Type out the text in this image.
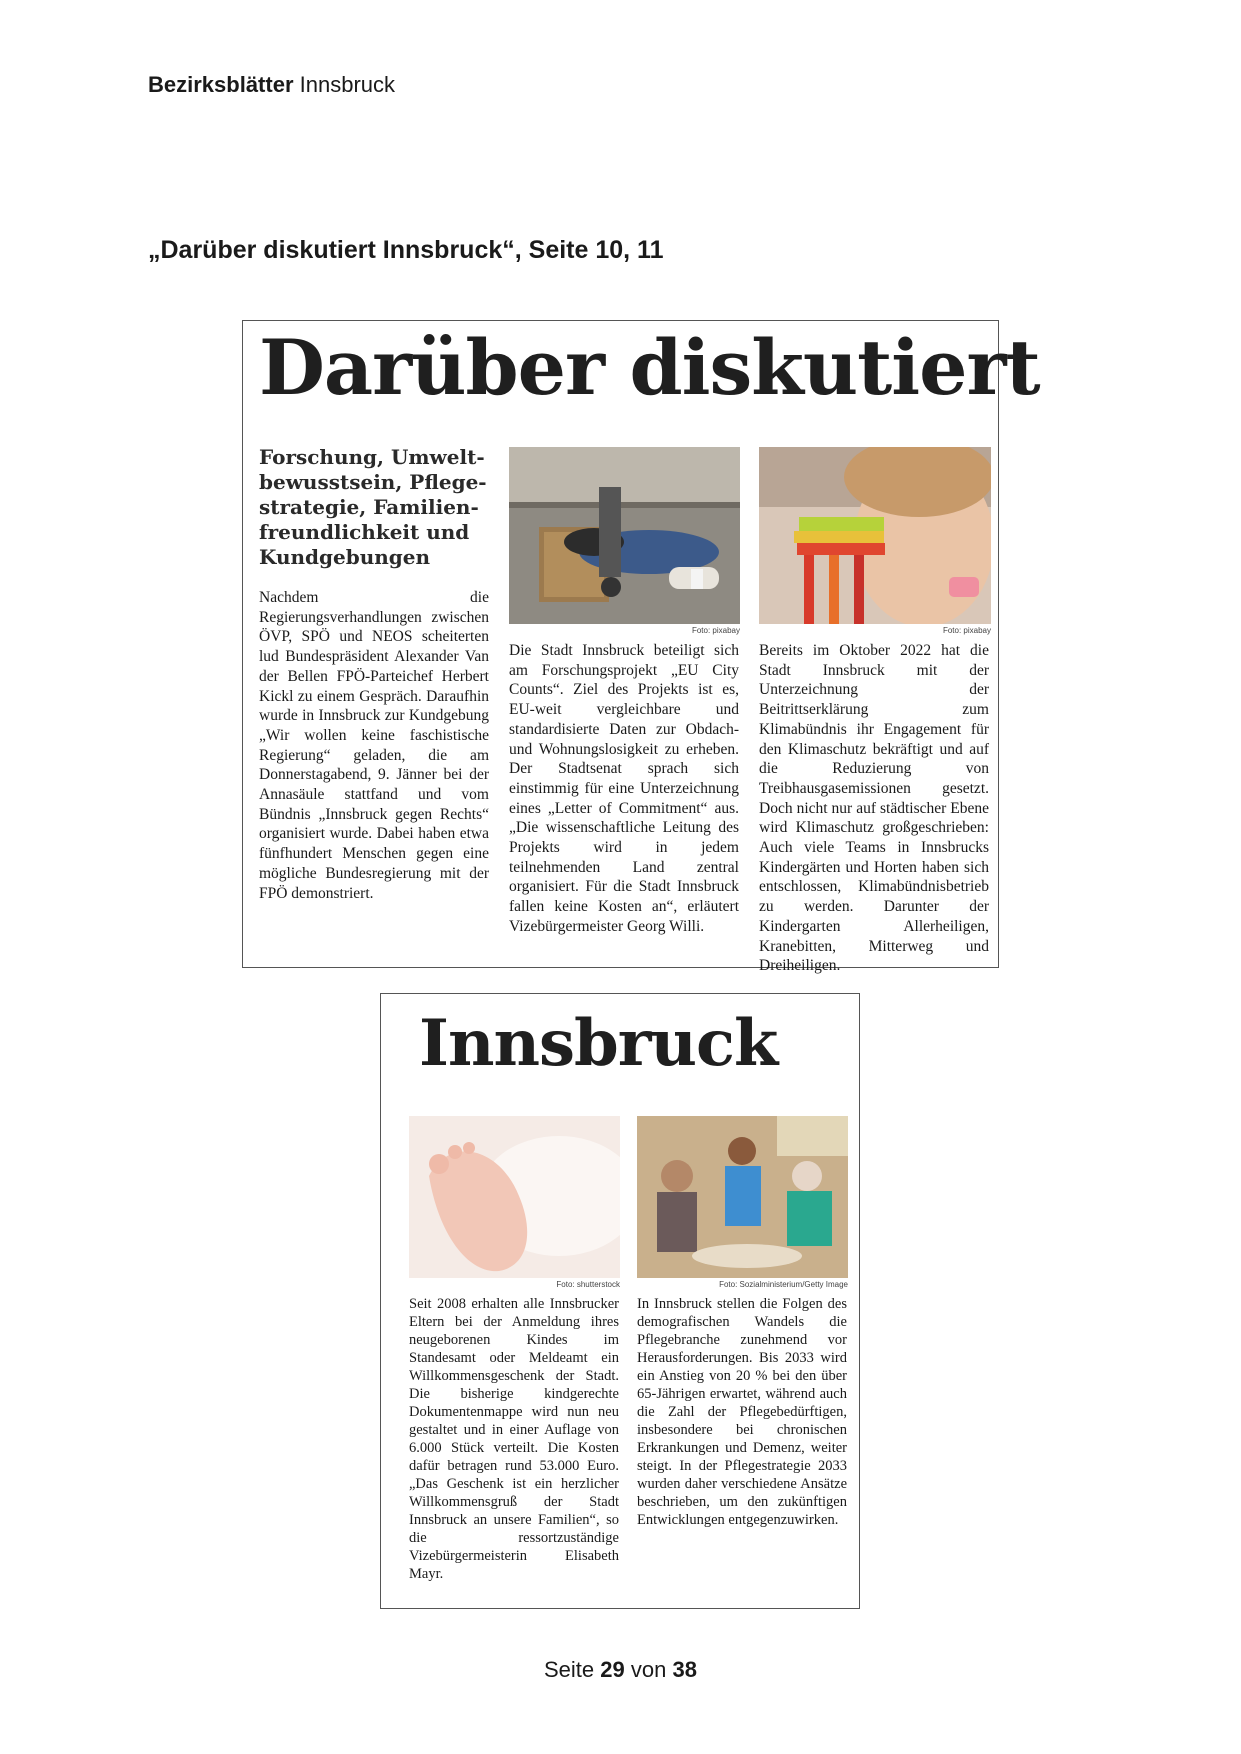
Bezirksblätter Innsbruck
„Darüber diskutiert Innsbruck“, Seite 10, 11
Darüber diskutiert
Forschung, Umwelt-bewusstsein, Pflege-strategie, Familien-freundlichkeit und Kundgebungen
Nachdem die Regierungsverhandlungen zwischen ÖVP, SPÖ und NEOS scheiterten lud Bundespräsident Alexander Van der Bellen FPÖ-Parteichef Herbert Kickl zu einem Gespräch. Daraufhin wurde in Innsbruck zur Kundgebung „Wir wollen keine faschistische Regierung“ geladen, die am Donnerstagabend, 9. Jänner bei der Annasäule stattfand und vom Bündnis „Innsbruck gegen Rechts“ organisiert wurde. Dabei haben etwa fünfhundert Menschen gegen eine mögliche Bundesregierung mit der FPÖ demonstriert.
Foto: pixabay
Die Stadt Innsbruck beteiligt sich am Forschungsprojekt „EU City Counts“. Ziel des Projekts ist es, EU-weit vergleichbare und standardisierte Daten zur Obdach- und Wohnungslosigkeit zu erheben. Der Stadtsenat sprach sich einstimmig für eine Unterzeichnung eines „Letter of Commitment“ aus. „Die wissenschaftliche Leitung des Projekts wird in jedem teilnehmenden Land zentral organisiert. Für die Stadt Innsbruck fallen keine Kosten an“, erläutert Vizebürgermeister Georg Willi.
Foto: pixabay
Bereits im Oktober 2022 hat die Stadt Innsbruck mit der Unterzeichnung der Beitrittserklärung zum Klimabündnis ihr Engagement für den Klimaschutz bekräftigt und auf die Reduzierung von Treibhausgasemissionen gesetzt. Doch nicht nur auf städtischer Ebene wird Klimaschutz großgeschrieben: Auch viele Teams in Innsbrucks Kindergärten und Horten haben sich entschlossen, Klimabündnisbetrieb zu werden. Darunter der Kindergarten Allerheiligen, Kranebitten, Mitterweg und Dreiheiligen.
Innsbruck
Foto: shutterstock
Seit 2008 erhalten alle Innsbrucker Eltern bei der Anmeldung ihres neugeborenen Kindes im Standesamt oder Meldeamt ein Willkommensgeschenk der Stadt. Die bisherige kindgerechte Dokumentenmappe wird nun neu gestaltet und in einer Auflage von 6.000 Stück verteilt. Die Kosten dafür betragen rund 53.000 Euro. „Das Geschenk ist ein herzlicher Willkommensgruß der Stadt Innsbruck an unsere Familien“, so die ressortzuständige Vizebürgermeisterin Elisabeth Mayr.
Foto: Sozialministerium/Getty Image
In Innsbruck stellen die Folgen des demografischen Wandels die Pflegebranche zunehmend vor Herausforderungen. Bis 2033 wird ein Anstieg von 20 % bei den über 65-Jährigen erwartet, während auch die Zahl der Pflegebedürftigen, insbesondere bei chronischen Erkrankungen und Demenz, weiter steigt. In der Pflegestrategie 2033 wurden daher verschiedene Ansätze beschrieben, um den zukünftigen Entwicklungen entgegenzuwirken.
Seite 29 von 38
